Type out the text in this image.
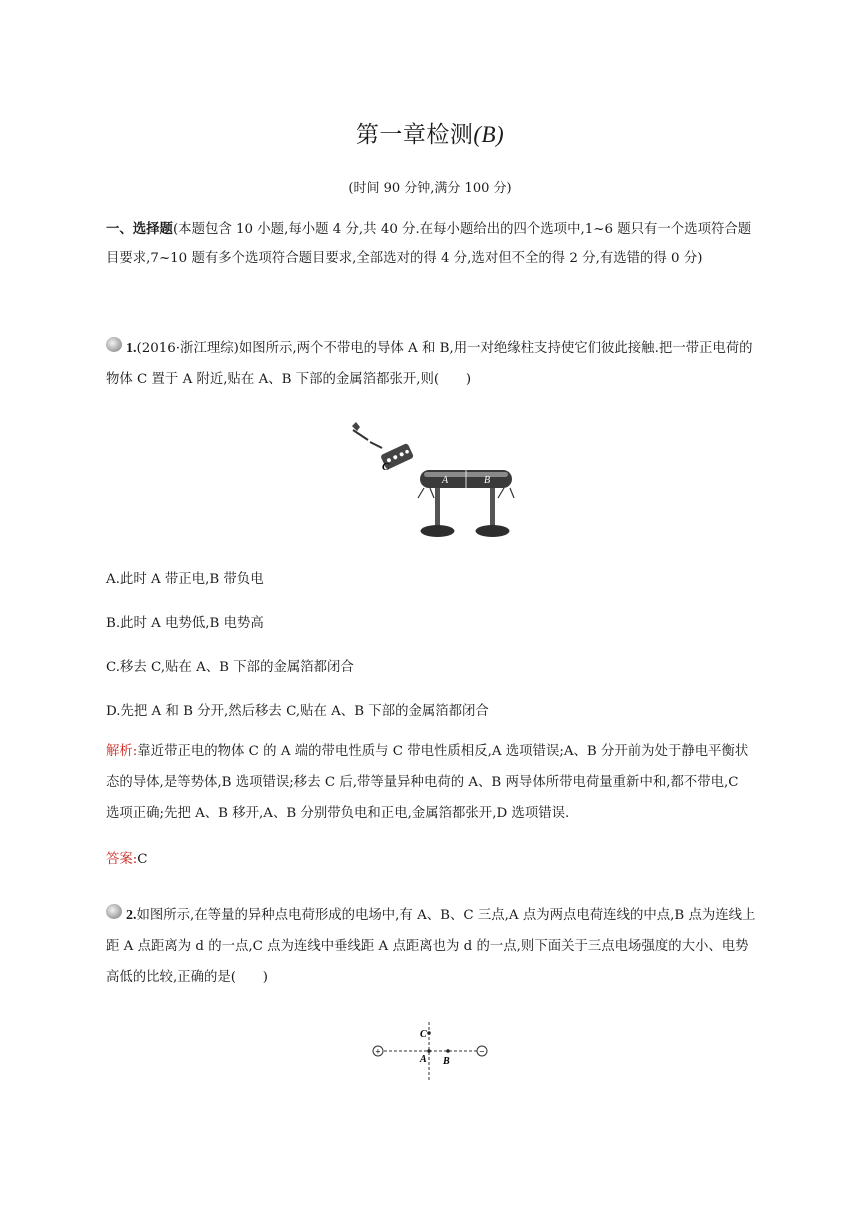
第一章检测(B)
(时间 90 分钟,满分 100 分)
一、选择题(本题包含 10 小题,每小题 4 分,共 40 分.在每小题给出的四个选项中,1~6 题只有一个选项符合题目要求,7~10 题有多个选项符合题目要求,全部选对的得 4 分,选对但不全的得 2 分,有选错的得 0 分)
1.(2016·浙江理综)如图所示,两个不带电的导体 A 和 B,用一对绝缘柱支持使它们彼此接触.把一带正电荷的物体 C 置于 A 附近,贴在 A、B 下部的金属箔都张开,则(　　)
C
A	B
A.此时 A 带正电,B 带负电
B.此时 A 电势低,B 电势高
C.移去 C,贴在 A、B 下部的金属箔都闭合
D.先把 A 和 B 分开,然后移去 C,贴在 A、B 下部的金属箔都闭合
解析:靠近带正电的物体 C 的 A 端的带电性质与 C 带电性质相反,A 选项错误;A、B 分开前为处于静电平衡状态的导体,是等势体,B 选项错误;移去 C 后,带等量异种电荷的 A、B 两导体所带电荷量重新中和,都不带电,C 选项正确;先把 A、B 移开,A、B 分别带负电和正电,金属箔都张开,D 选项错误.
答案:C
2.如图所示,在等量的异种点电荷形成的电场中,有 A、B、C 三点,A 点为两点电荷连线的中点,B 点为连线上距 A 点距离为 d 的一点,C 点为连线中垂线距 A 点距离也为 d 的一点,则下面关于三点电场强度的大小、电势高低的比较,正确的是(　　)
+	−
C
A B
